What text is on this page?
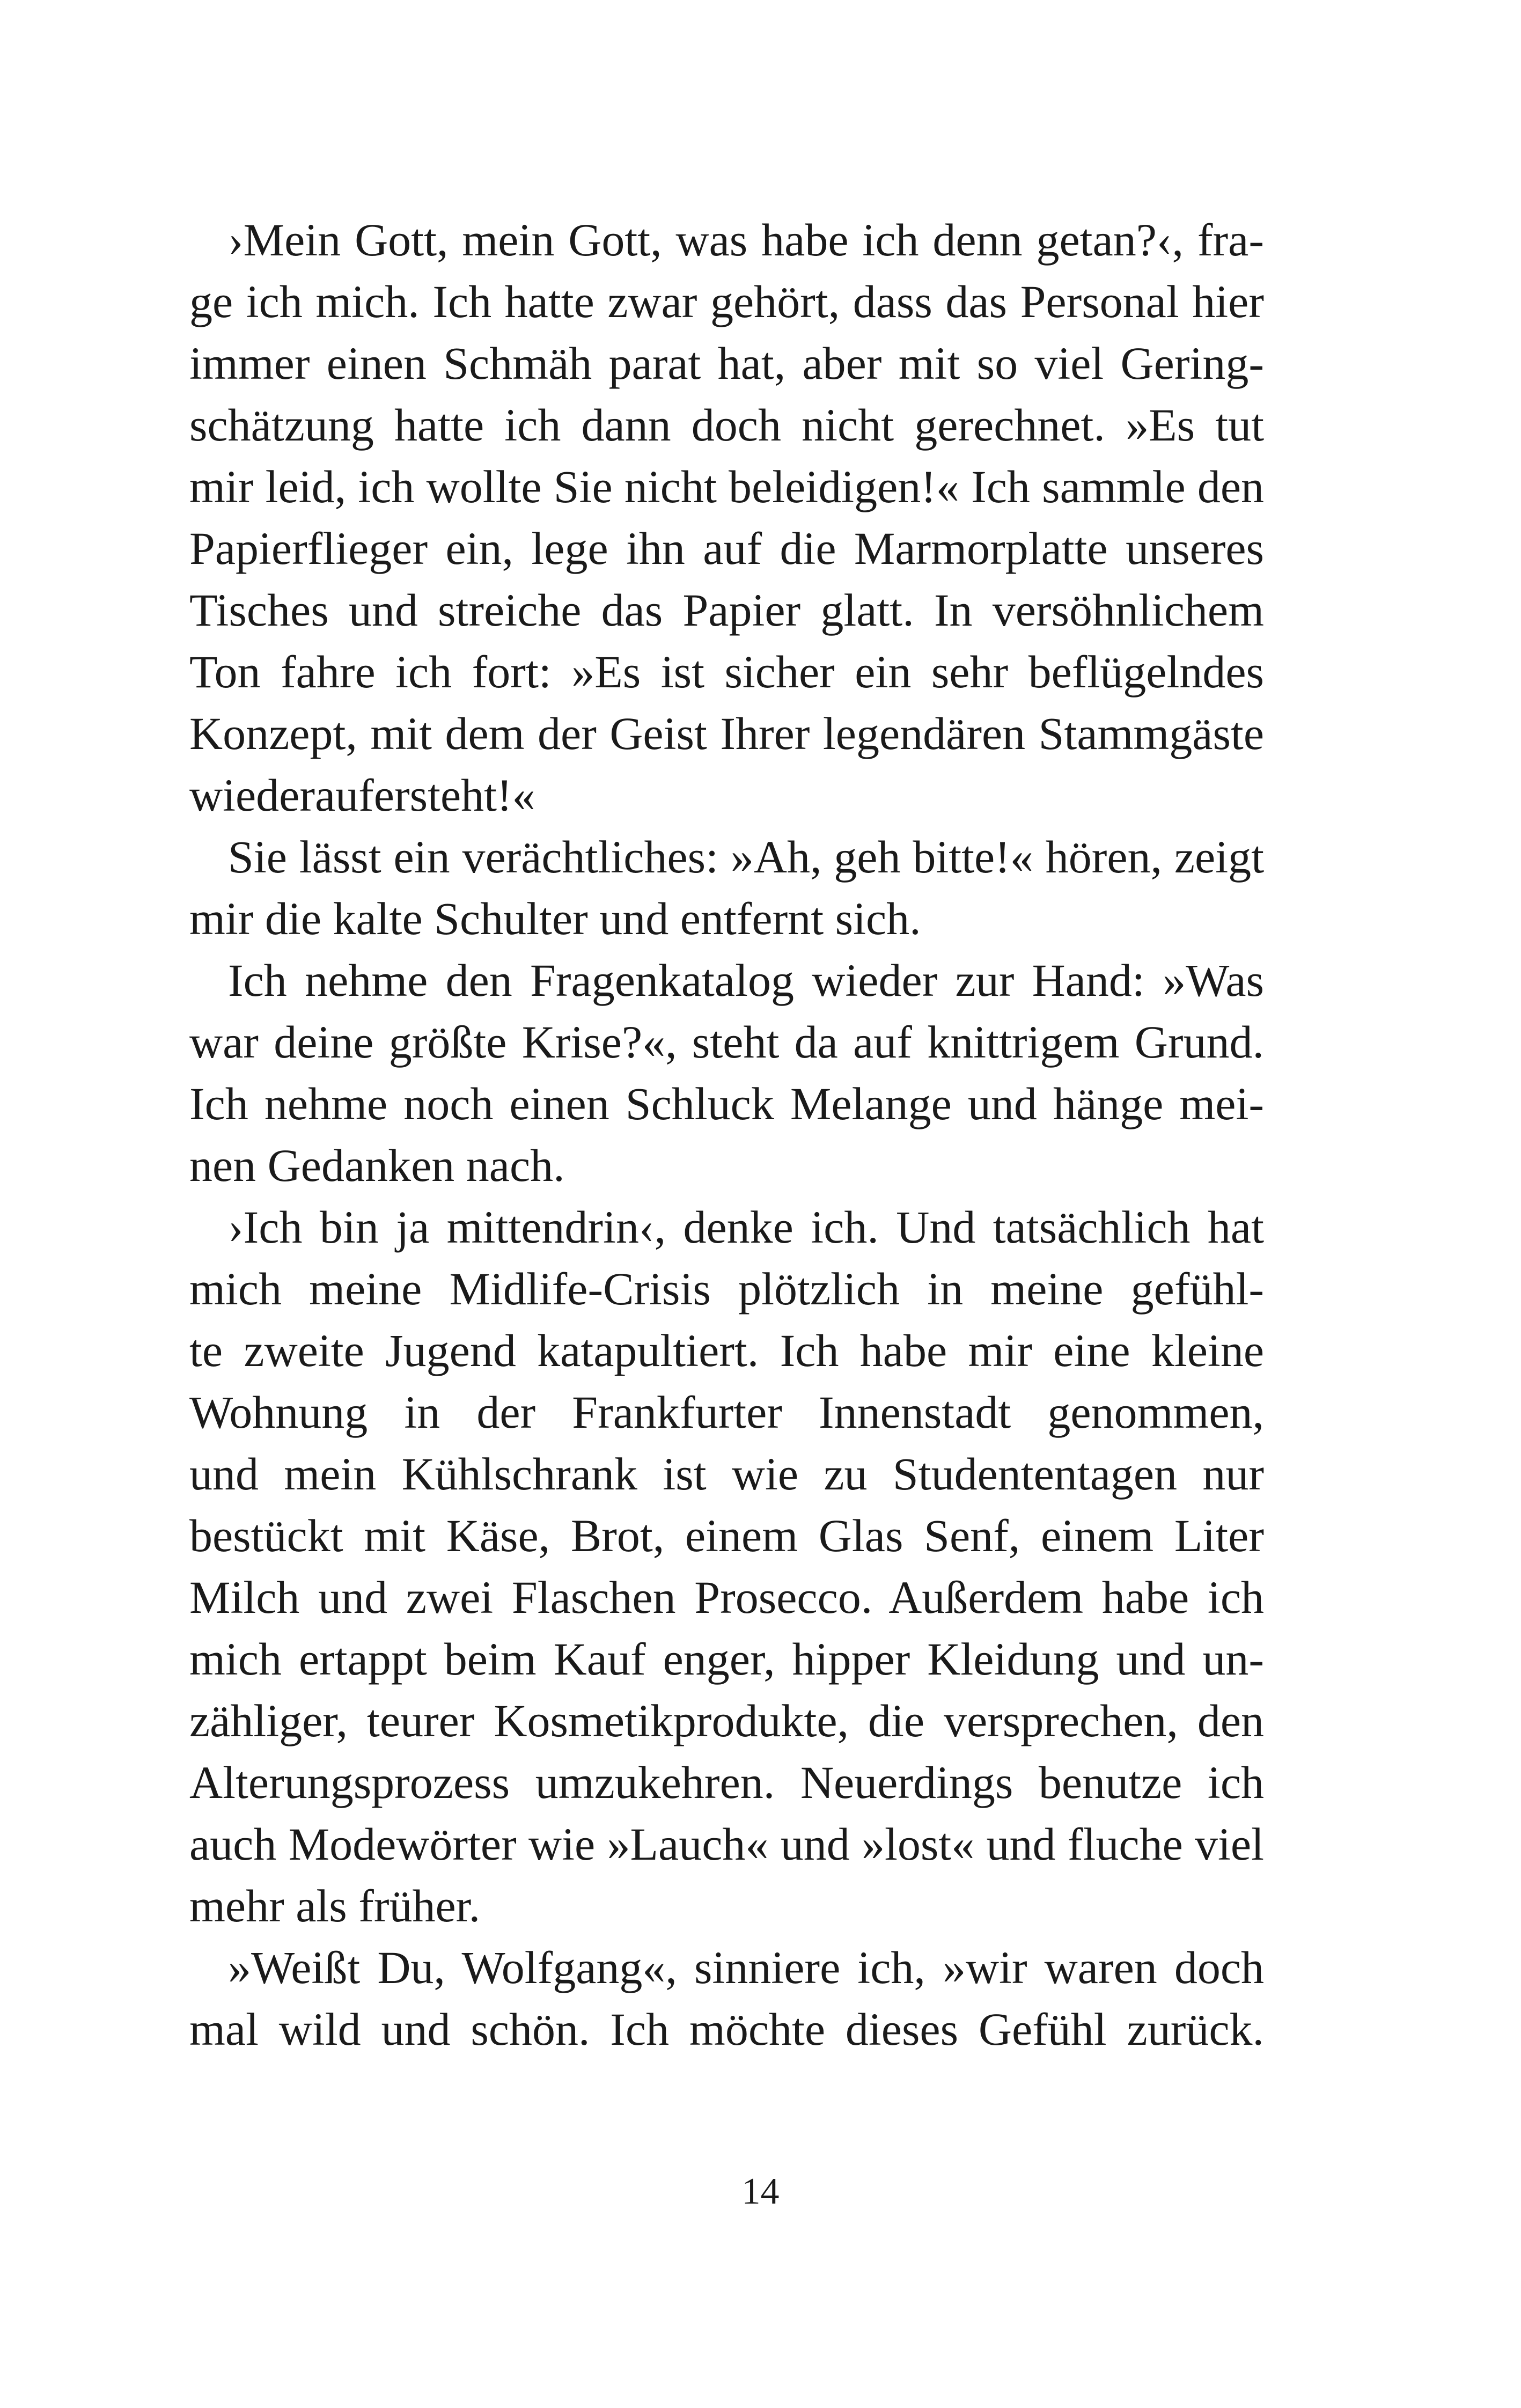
›Mein Gott, mein Gott, was habe ich denn getan?‹, fra-
ge ich mich. Ich hatte zwar gehört, dass das Personal hier
immer einen Schmäh parat hat, aber mit so viel Gering-
schätzung hatte ich dann doch nicht gerechnet. »Es tut
mir leid, ich wollte Sie nicht beleidigen!« Ich sammle den
Papierflieger ein, lege ihn auf die Marmorplatte unseres
Tisches und streiche das Papier glatt. In versöhnlichem
Ton fahre ich fort: »Es ist sicher ein sehr beflügelndes
Konzept, mit dem der Geist Ihrer legendären Stammgäste
wiederaufersteht!«
Sie lässt ein verächtliches: »Ah, geh bitte!« hören, zeigt
mir die kalte Schulter und entfernt sich.
Ich nehme den Fragenkatalog wieder zur Hand: »Was
war deine größte Krise?«, steht da auf knittrigem Grund.
Ich nehme noch einen Schluck Melange und hänge mei-
nen Gedanken nach.
›Ich bin ja mittendrin‹, denke ich. Und tatsächlich hat
mich meine Midlife-Crisis plötzlich in meine gefühl-
te zweite Jugend katapultiert. Ich habe mir eine kleine
Wohnung in der Frankfurter Innenstadt genommen,
und mein Kühlschrank ist wie zu Studententagen nur
bestückt mit Käse, Brot, einem Glas Senf, einem Liter
Milch und zwei Flaschen Prosecco. Außerdem habe ich
mich ertappt beim Kauf enger, hipper Kleidung und un-
zähliger, teurer Kosmetikprodukte, die versprechen, den
Alterungsprozess umzukehren. Neuerdings benutze ich
auch Modewörter wie »Lauch« und »lost« und fluche viel
mehr als früher.
»Weißt Du, Wolfgang«, sinniere ich, »wir waren doch
mal wild und schön. Ich möchte dieses Gefühl zurück.
14
